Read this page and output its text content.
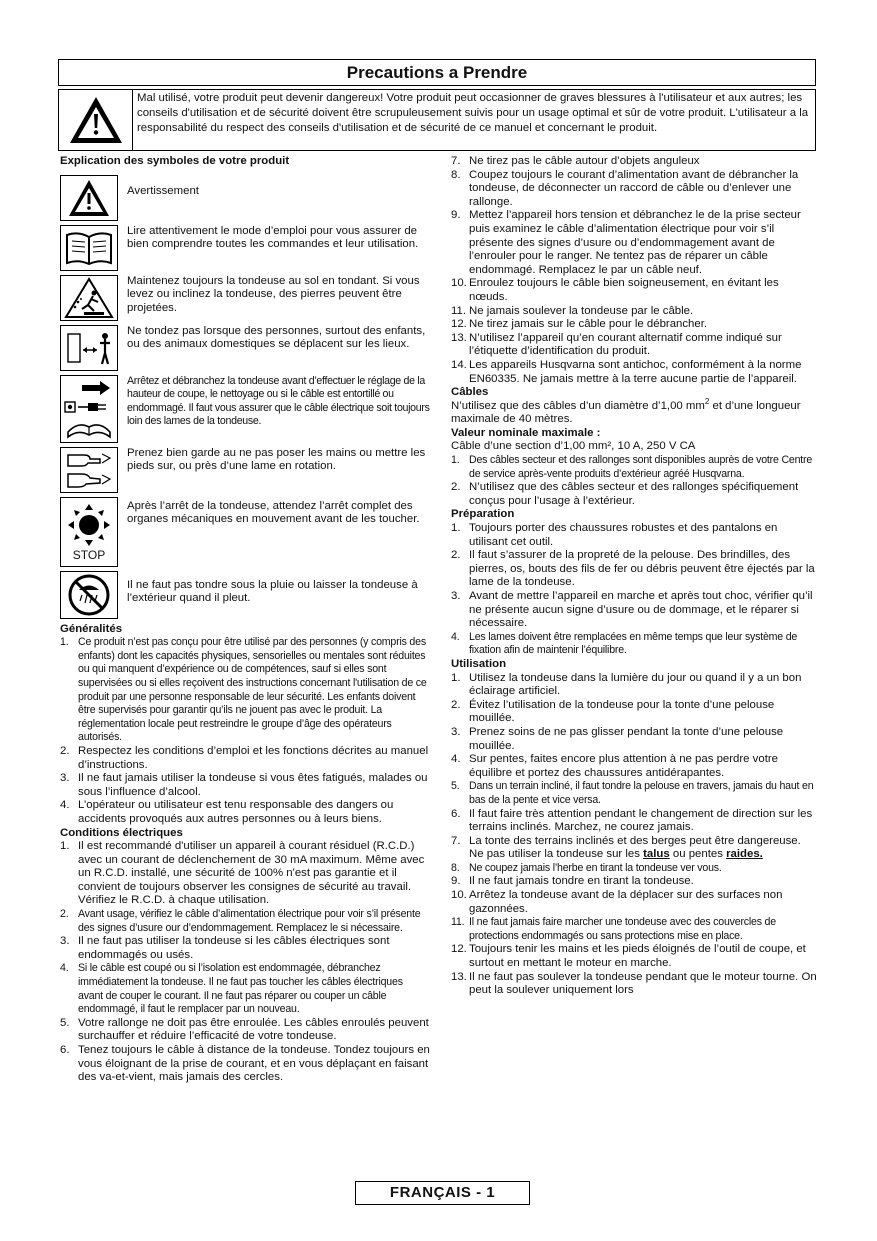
Precautions a Prendre
Mal utilisé, votre produit peut devenir dangereux! Votre produit peut occasionner de graves blessures à l'utilisateur et aux autres; les conseils d'utilisation et de sécurité doivent être scrupuleusement suivis pour un usage optimal et sûr de votre produit. L'utilisateur a la responsabilité du respect des conseils d'utilisation et de sécurité de ce manuel et concernant le produit.

Explication des symboles de votre produit

Avertissement
Lire attentivement le mode d’emploi pour vous assurer de bien comprendre toutes les commandes et leur utilisation.
Maintenez toujours la tondeuse au sol en tondant. Si vous levez ou inclinez la tondeuse, des pierres peuvent être projetées.
Ne tondez pas lorsque des personnes, surtout des enfants, ou des animaux domestiques se déplacent sur les lieux.
Arrêtez et débranchez la tondeuse avant d’effectuer le réglage de la hauteur de coupe, le nettoyage ou si le câble est entortillé ou endommagé. Il faut vous assurer que le câble électrique soit toujours loin des lames de la tondeuse.
Prenez bien garde au ne pas poser les mains ou mettre les pieds sur, ou près d’une lame en rotation.
STOP
Après l’arrêt de la tondeuse, attendez l’arrêt complet des organes mécaniques en mouvement avant de les toucher.
Il ne faut pas tondre sous la pluie ou laisser la tondeuse à l’extérieur quand il pleut.

Généralités

1. Ce produit n’est pas conçu pour être utilisé par des personnes (y compris des enfants) dont les capacités physiques, sensorielles ou mentales sont réduites ou qui manquent d’expérience ou de compétences, sauf si elles sont supervisées ou si elles reçoivent des instructions concernant l'utilisation de ce produit par une personne responsable de leur sécurité. Les enfants doivent être supervisés pour garantir qu’ils ne jouent pas avec le produit. La réglementation locale peut restreindre le groupe d’âge des opérateurs autorisés.
2. Respectez les conditions d’emploi et les fonctions décrites au manuel d’instructions.
3. Il ne faut jamais utiliser la tondeuse si vous êtes fatigués, malades ou sous l’influence d’alcool.
4. L’opérateur ou utilisateur est tenu responsable des dangers ou accidents provoqués aux autres personnes ou à leurs biens.

Conditions électriques

1. Il est recommandé d'utiliser un appareil à courant résiduel (R.C.D.) avec un courant de déclenchement de 30 mA maximum. Même avec un R.C.D. installé, une sécurité de 100% n'est pas garantie et il convient de toujours observer les consignes de sécurité au travail. Vérifiez le R.C.D. à chaque utilisation.
2. Avant usage, vérifiez le câble d’alimentation électrique pour voir s’il présente des signes d’usure our d’endommagement. Remplacez le si nécessaire.
3. Il ne faut pas utiliser la tondeuse si les câbles électriques sont endommagés ou usés.
4. Si le câble est coupé ou si l’isolation est endommagée, débranchez immédiatement la tondeuse. Il ne faut pas toucher les câbles électriques avant de couper le courant. Il ne faut pas réparer ou couper un câble endommagé, il faut le remplacer par un nouveau.
5. Votre rallonge ne doit pas être enroulée. Les câbles enroulés peuvent surchauffer et réduire l’efficacité de votre tondeuse.
6. Tenez toujours le câble à distance de la tondeuse. Tondez toujours en vous éloignant de la prise de courant, et en vous déplaçant en faisant des va-et-vient, mais jamais des cercles.
7. Ne tirez pas le câble autour d’objets anguleux
8. Coupez toujours le courant d’alimentation avant de débrancher la tondeuse, de déconnecter un raccord de câble ou d’enlever une rallonge.
9. Mettez l’appareil hors tension et débranchez le de la prise secteur puis examinez le câble d’alimentation électrique pour voir s’il présente des signes d’usure ou d’endommagement avant de l’enrouler pour le ranger. Ne tentez pas de réparer un câble endommagé. Remplacez le par un câble neuf.
10. Enroulez toujours le câble bien soigneusement, en évitant les nœuds.
11. Ne jamais soulever la tondeuse par le câble.
12. Ne tirez jamais sur le câble pour le débrancher.
13. N’utilisez l’appareil qu’en courant alternatif comme indiqué sur l’étiquette d’identification du produit.
14. Les appareils Husqvarna sont antichoc, conformément à la norme EN60335. Ne jamais mettre à la terre aucune partie de l’appareil.

Câbles

N’utilisez que des câbles d’un diamètre d’1,00 $mm^2$ et d’une longueur maximale de 40 mètres.

Valeur nominale maximale :

Câble d’une section d’1,00 mm², 10 A, 250 V CA

1. Des câbles secteur et des rallonges sont disponibles auprès de votre Centre de service après-vente produits d’extérieur agréé Husqvarna.
2. N’utilisez que des câbles secteur et des rallonges spécifiquement conçus pour l’usage à l’extérieur.

Préparation

1. Toujours porter des chaussures robustes et des pantalons en utilisant cet outil.
2. Il faut s’assurer de la propreté de la pelouse. Des brindilles, des pierres, os, bouts des fils de fer ou débris peuvent être éjectés par la lame de la tondeuse.
3. Avant de mettre l’appareil en marche et après tout choc, vérifier qu’il ne présente aucun signe d’usure ou de dommage, et le réparer si nécessaire.
4. Les lames doivent être remplacées en même temps que leur système de fixation afin de maintenir l’équilibre.

Utilisation

1. Utilisez la tondeuse dans la lumière du jour ou quand il y a un bon éclairage artificiel.
2. Évitez l’utilisation de la tondeuse pour la tonte d’une pelouse mouillée.
3. Prenez soins de ne pas glisser pendant la tonte d’une pelouse mouillée.
4. Sur pentes, faites encore plus attention à ne pas perdre votre équilibre et portez des chaussures antidérapantes.
5. Dans un terrain incliné, il faut tondre la pelouse en travers, jamais du haut en bas de la pente et vice versa.
6. Il faut faire très attention pendant le changement de direction sur les terrains inclinés. Marchez, ne courez jamais.
7. La tonte des terrains inclinés et des berges peut être dangereuse. Ne pas utiliser la tondeuse sur les talus ou pentes raides.
8. Ne coupez jamais l’herbe en tirant la tondeuse ver vous.
9. Il ne faut jamais tondre en tirant la tondeuse.
10. Arrêtez la tondeuse avant de la déplacer sur des surfaces non gazonnées.
11. Il ne faut jamais faire marcher une tondeuse avec des couvercles de protections endommagés ou sans protections mise en place.
12. Toujours tenir les mains et les pieds éloignés de l’outil de coupe, et surtout en mettant le moteur en marche.
13. Il ne faut pas soulever la tondeuse pendant que le moteur tourne. On peut la soulever uniquement lors
FRANÇAIS - 1
